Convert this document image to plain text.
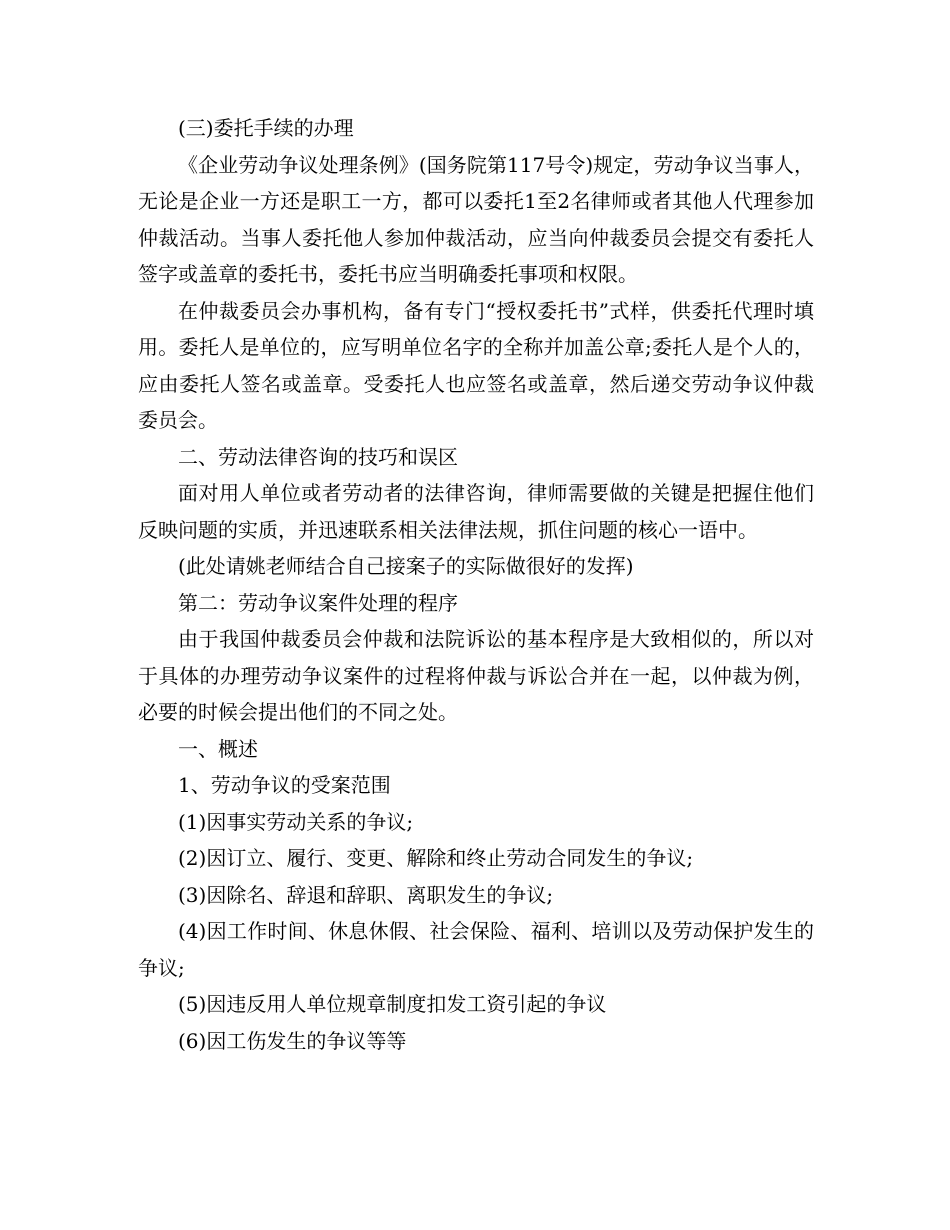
(三)委托手续的办理

《企业劳动争议处理条例》(国务院第117号令)规定，劳动争议当事人，无论是企业一方还是职工一方，都可以委托1至2名律师或者其他人代理参加仲裁活动。当事人委托他人参加仲裁活动，应当向仲裁委员会提交有委托人签字或盖章的委托书，委托书应当明确委托事项和权限。

在仲裁委员会办事机构，备有专门“授权委托书”式样，供委托代理时填用。委托人是单位的，应写明单位名字的全称并加盖公章;委托人是个人的，应由委托人签名或盖章。受委托人也应签名或盖章，然后递交劳动争议仲裁委员会。

二、劳动法律咨询的技巧和误区

面对用人单位或者劳动者的法律咨询，律师需要做的关键是把握住他们反映问题的实质，并迅速联系相关法律法规，抓住问题的核心一语中。

(此处请姚老师结合自己接案子的实际做很好的发挥)

第二：劳动争议案件处理的程序

由于我国仲裁委员会仲裁和法院诉讼的基本程序是大致相似的，所以对于具体的办理劳动争议案件的过程将仲裁与诉讼合并在一起，以仲裁为例，必要的时候会提出他们的不同之处。

一、概述

1、劳动争议的受案范围

(1)因事实劳动关系的争议;

(2)因订立、履行、变更、解除和终止劳动合同发生的争议;

(3)因除名、辞退和辞职、离职发生的争议;

(4)因工作时间、休息休假、社会保险、福利、培训以及劳动保护发生的争议;

(5)因违反用人单位规章制度扣发工资引起的争议

(6)因工伤发生的争议等等
